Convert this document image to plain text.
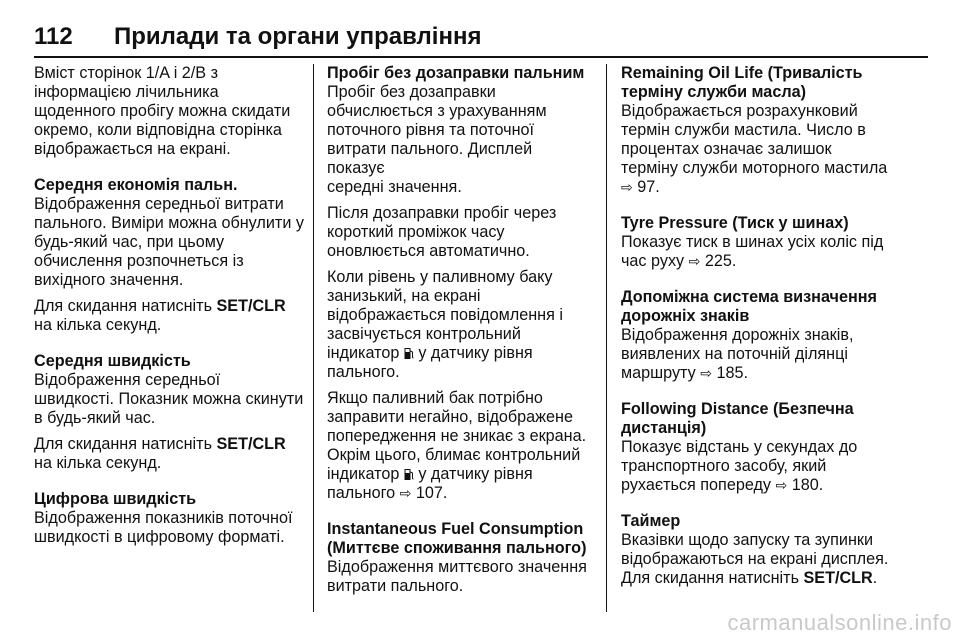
112 Прилади та органи управління

Вміст сторінок 1/A і 2/B з
інформацією лічильника
щоденного пробігу можна скидати
окремо, коли відповідна сторінка
відображається на екрані.

Середня економія пальн.

Відображення середньої витрати
пального. Виміри можна обнулити у
будь-який час, при цьому
обчислення розпочнеться із
вихідного значення.

Для скидання натисніть SET/CLR
на кілька секунд.

Середня швидкість

Відображення середньої
швидкості. Показник можна скинути
в будь-який час.

Для скидання натисніть SET/CLR
на кілька секунд.

Цифрова швидкість

Відображення показників поточної
швидкості в цифровому форматі.

Пробіг без дозаправки пальним

Пробіг без дозаправки
обчислюється з урахуванням
поточного рівня та поточної
витрати пального. Дисплей показує
середні значення.

Після дозаправки пробіг через
короткий проміжок часу
оновлюється автоматично.

Коли рівень у паливному баку
занизький, на екрані
відображається повідомлення і
засвічується контрольний
індикатор  у датчику рівня
пального.

Якщо паливний бак потрібно
заправити негайно, відображене
попередження не зникає з екрана.
Окрім цього, блимає контрольний
індикатор  у датчику рівня
пального ⇨ 107.

Instantaneous Fuel Consumption
(Миттєве споживання пального)

Відображення миттєвого значення
витрати пального.

Remaining Oil Life (Тривалість
терміну служби масла)

Відображається розрахунковий
термін служби мастила. Число в
процентах означає залишок
терміну служби моторного мастила
⇨ 97.

Tyre Pressure (Тиск у шинах)

Показує тиск в шинах усіх коліс під
час руху ⇨ 225.

Допоміжна система визначення
дорожніх знаків

Відображення дорожніх знаків,
виявлених на поточній ділянці
маршруту ⇨ 185.

Following Distance (Безпечна
дистанція)

Показує відстань у секундах до
транспортного засобу, який
рухається попереду ⇨ 180.

Таймер

Вказівки щодо запуску та зупинки
відображаються на екрані дисплея.
Для скидання натисніть SET/CLR.

carmanualsonline.info
